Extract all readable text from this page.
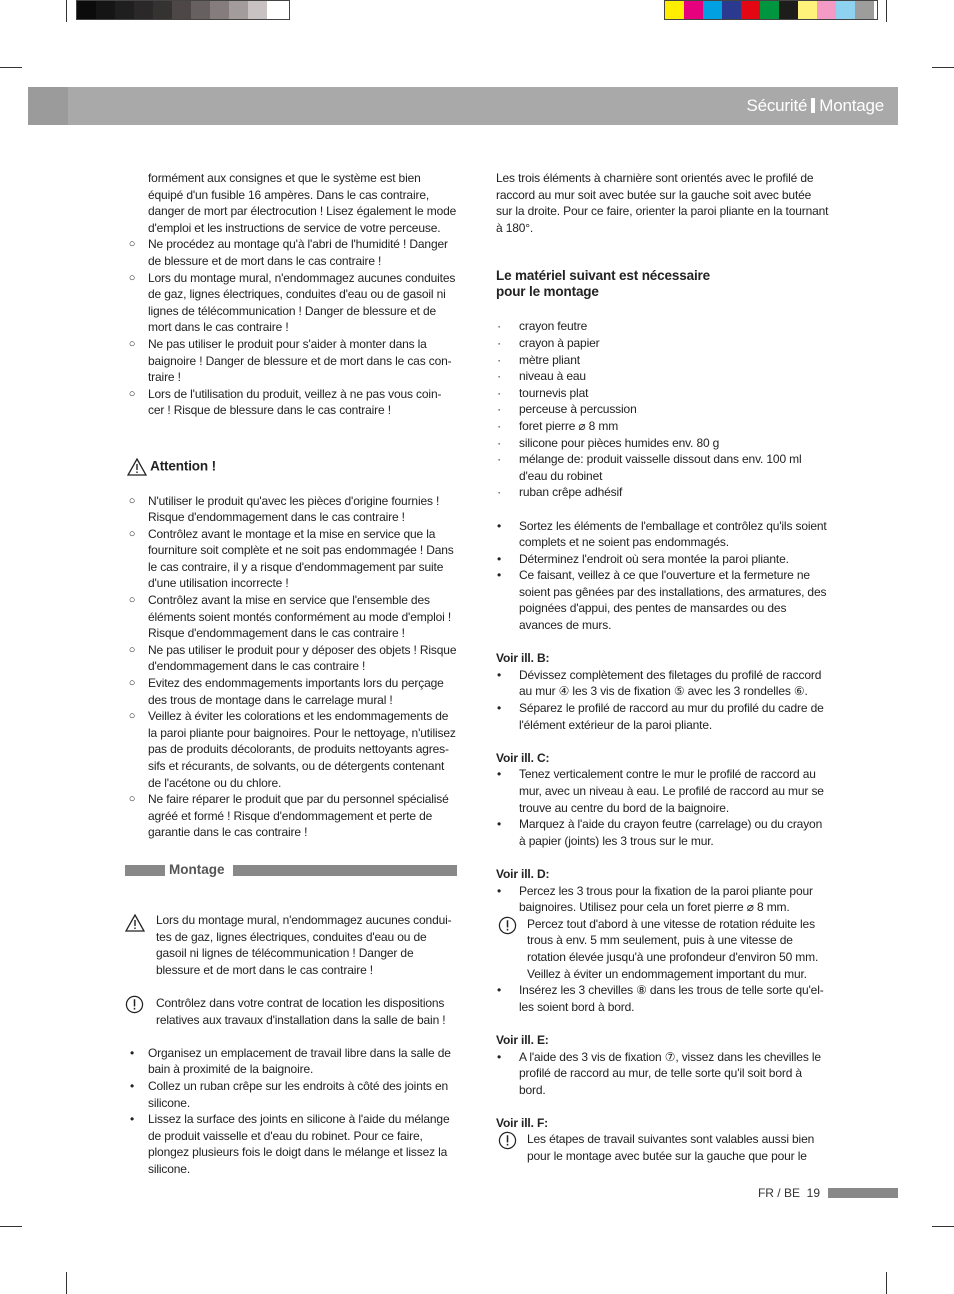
Sécurité Montage

formément aux consignes et que le système est bien équipé d'un fusible 16 ampères. Dans le cas contraire, danger de mort par électrocution ! Lisez également le mode d'emploi et les instructions de service de votre perceuse.

○	Ne procédez au montage qu'à l'abri de l'humidité ! Danger de blessure et de mort dans le cas contraire !
○	Lors du montage mural, n'endommagez aucunes conduites de gaz, lignes électriques, conduites d'eau ou de gasoil ni lignes de télécommunication ! Danger de blessure et de mort dans le cas contraire !
○	Ne pas utiliser le produit pour s'aider à monter dans la baignoire ! Danger de blessure et de mort dans le cas con-traire !
○	Lors de l'utilisation du produit, veillez à ne pas vous coin-cer ! Risque de blessure dans le cas contraire !
Attention !
○	N'utiliser le produit qu'avec les pièces d'origine fournies ! Risque d'endommagement dans le cas contraire !
○	Contrôlez avant le montage et la mise en service que la fourniture soit complète et ne soit pas endommagée ! Dans le cas contraire, il y a risque d'endommagement par suite d'une utilisation incorrecte !
○	Contrôlez avant la mise en service que l'ensemble des éléments soient montés conformément au mode d'emploi ! Risque d'endommagement dans le cas contraire !
○	Ne pas utiliser le produit pour y déposer des objets ! Risque d'endommagement dans le cas contraire !
○	Evitez des endommagements importants lors du perçage des trous de montage dans le carrelage mural !
○	Veillez à éviter les colorations et les endommagements de la paroi pliante pour baignoires. Pour le nettoyage, n'utilisez pas de produits décolorants, de produits nettoyants agres-sifs et récurants, de solvants, ou de détergents contenant de l'acétone ou du chlore.
○	Ne faire réparer le produit que par du personnel spécialisé agréé et formé ! Risque d'endommagement et perte de garantie dans le cas contraire !
Montage
Lors du montage mural, n'endommagez aucunes condui-tes de gaz, lignes électriques, conduites d'eau ou de gasoil ni lignes de télécommunication ! Danger de blessure et de mort dans le cas contraire !
Contrôlez dans votre contrat de location les dispositions relatives aux travaux d'installation dans la salle de bain !
•	Organisez un emplacement de travail libre dans la salle de bain à proximité de la baignoire.
•	Collez un ruban crêpe sur les endroits à côté des joints en silicone.
•	Lissez la surface des joints en silicone à l'aide du mélange de produit vaisselle et d'eau du robinet. Pour ce faire, plongez plusieurs fois le doigt dans le mélange et lissez la silicone.

Les trois éléments à charnière sont orientés avec le profilé de raccord au mur soit avec butée sur la gauche soit avec butée sur la droite. Pour ce faire, orienter la paroi pliante en la tournant à 180°.

Le matériel suivant est nécessaire pour le montage
· crayon feutre
· crayon à papier
· mètre pliant
· niveau à eau
· tournevis plat
· perceuse à percussion
· foret pierre ⌀ 8 mm
· silicone pour pièces humides env. 80 g
· mélange de: produit vaisselle dissout dans env. 100 ml d'eau du robinet
· ruban crêpe adhésif
• Sortez les éléments de l'emballage et contrôlez qu'ils soient complets et ne soient pas endommagés.
• Déterminez l'endroit où sera montée la paroi pliante.
• Ce faisant, veillez à ce que l'ouverture et la fermeture ne soient pas gênées par des installations, des armatures, des poignées d'appui, des pentes de mansardes ou des avances de murs.
Voir ill. B:
• Dévissez complètement des filetages du profilé de raccord au mur ④ les 3 vis de fixation ⑤ avec les 3 rondelles ⑥.
• Séparez le profilé de raccord au mur du profilé du cadre de l'élément extérieur de la paroi pliante.
Voir ill. C:
• Tenez verticalement contre le mur le profilé de raccord au mur, avec un niveau à eau. Le profilé de raccord au mur se trouve au centre du bord de la baignoire.
• Marquez à l'aide du crayon feutre (carrelage) ou du crayon à papier (joints) les 3 trous sur le mur.
Voir ill. D:
• Percez les 3 trous pour la fixation de la paroi pliante pour baignoires. Utilisez pour cela un foret pierre ⌀ 8 mm.
Percez tout d'abord à une vitesse de rotation réduite les trous à env. 5 mm seulement, puis à une vitesse de rotation élevée jusqu'à une profondeur d'environ 50 mm. Veillez à éviter un endommagement important du mur.
• Insérez les 3 chevilles ⑧ dans les trous de telle sorte qu'el-les soient bord à bord.
Voir ill. E:
• A l'aide des 3 vis de fixation ⑦, vissez dans les chevilles le profilé de raccord au mur, de telle sorte qu'il soit bord à bord.
Voir ill. F:
Les étapes de travail suivantes sont valables aussi bien pour le montage avec butée sur la gauche que pour le
FR / BE 19
